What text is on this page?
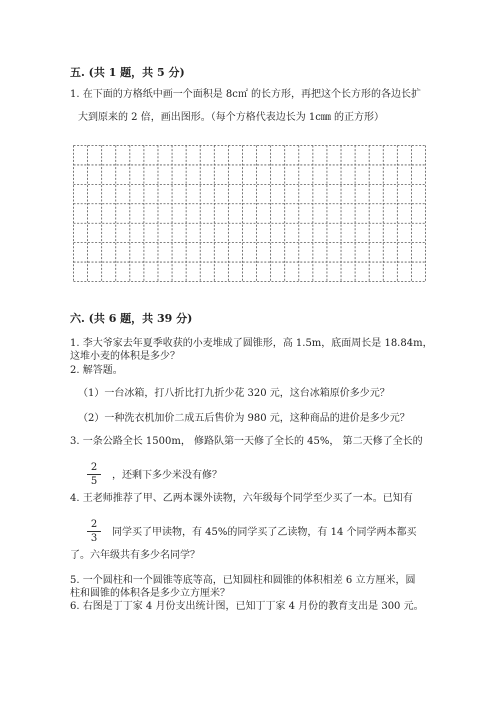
五. (共 1 题，共 5 分)
1. 在下面的方格纸中画一个面积是 8c㎡ 的长方形，再把这个长方形的各边长扩
大到原来的 2 倍，画出图形。（每个方格代表边长为 1c㎜ 的正方形）
六. (共 6 题，共 39 分)
1. 李大爷家去年夏季收获的小麦堆成了圆锥形，高 1.5m，底面周长是 18.84m，
这堆小麦的体积是多少？
2. 解答题。
（1）一台冰箱，打八折比打九折少花 320 元，这台冰箱原价多少元？
（2）一种洗衣机加价二成五后售价为 980 元，这种商品的进价是多少元？
3. 一条公路全长 1500m， 修路队第一天修了全长的 45%， 第二天修了全长的
2
5
，还剩下多少米没有修？
4. 王老师推荐了甲、乙两本课外读物，六年级每个同学至少买了一本。已知有
2
3
同学买了甲读物，有 45%的同学买了乙读物，有 14 个同学两本都买
了。六年级共有多少名同学？
5. 一个圆柱和一个圆锥等底等高，已知圆柱和圆锥的体积相差 6 立方厘米，圆
柱和圆锥的体积各是多少立方厘米？
6. 右图是丁丁家 4 月份支出统计图，已知丁丁家 4 月份的教育支出是 300 元。
